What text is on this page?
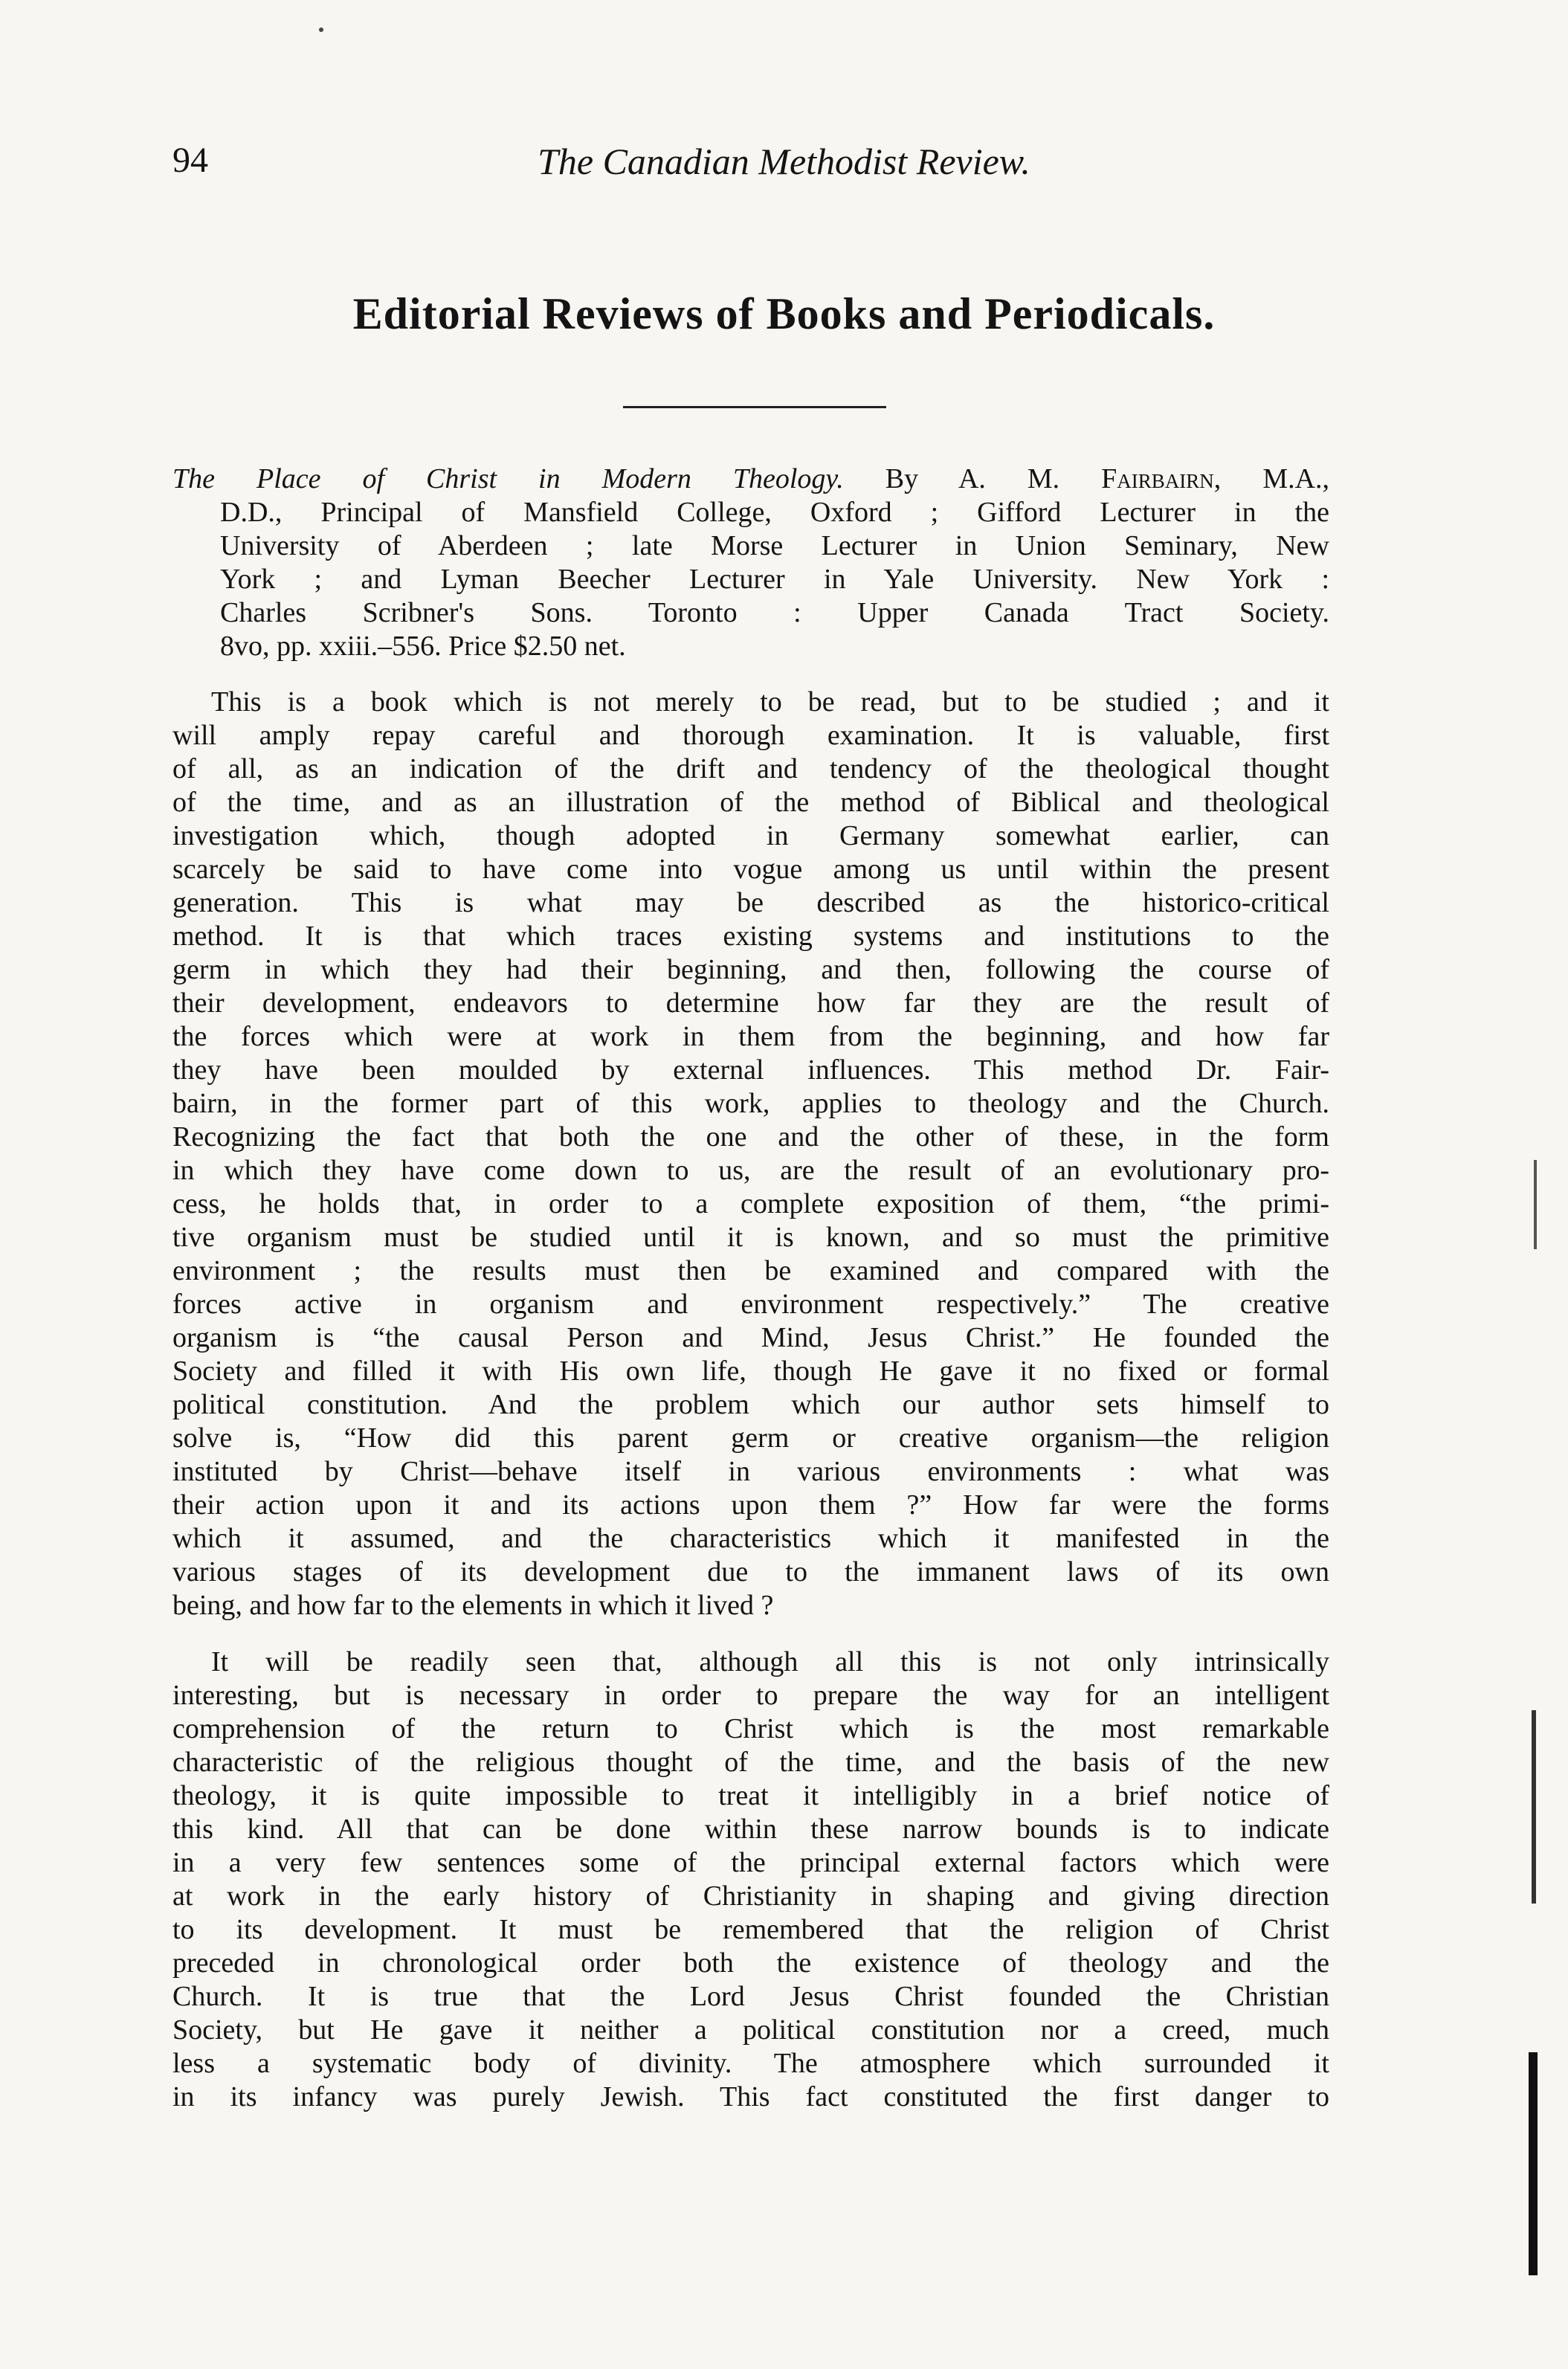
94	The Canadian Methodist Review.
Editorial Reviews of Books and Periodicals.
The Place of Christ in Modern Theology. By A. M. Fairbairn, M.A.,
D.D., Principal of Mansfield College, Oxford ; Gifford Lecturer in the
University of Aberdeen ; late Morse Lecturer in Union Seminary, New
York ; and Lyman Beecher Lecturer in Yale University. New York :
Charles Scribner's Sons. Toronto : Upper Canada Tract Society.
8vo, pp. xxiii.–556. Price $2.50 net.
This is a book which is not merely to be read, but to be studied ; and it
will amply repay careful and thorough examination. It is valuable, first
of all, as an indication of the drift and tendency of the theological thought
of the time, and as an illustration of the method of Biblical and theological
investigation which, though adopted in Germany somewhat earlier, can
scarcely be said to have come into vogue among us until within the present
generation. This is what may be described as the historico-critical
method. It is that which traces existing systems and institutions to the
germ in which they had their beginning, and then, following the course of
their development, endeavors to determine how far they are the result of
the forces which were at work in them from the beginning, and how far
they have been moulded by external influences. This method Dr. Fair-
bairn, in the former part of this work, applies to theology and the Church.
Recognizing the fact that both the one and the other of these, in the form
in which they have come down to us, are the result of an evolutionary pro-
cess, he holds that, in order to a complete exposition of them, “the primi-
tive organism must be studied until it is known, and so must the primitive
environment ; the results must then be examined and compared with the
forces active in organism and environment respectively.” The creative
organism is “the causal Person and Mind, Jesus Christ.” He founded the
Society and filled it with His own life, though He gave it no fixed or formal
political constitution. And the problem which our author sets himself to
solve is, “How did this parent germ or creative organism—the religion
instituted by Christ—behave itself in various environments : what was
their action upon it and its actions upon them ?” How far were the forms
which it assumed, and the characteristics which it manifested in the
various stages of its development due to the immanent laws of its own
being, and how far to the elements in which it lived ?
It will be readily seen that, although all this is not only intrinsically
interesting, but is necessary in order to prepare the way for an intelligent
comprehension of the return to Christ which is the most remarkable
characteristic of the religious thought of the time, and the basis of the new
theology, it is quite impossible to treat it intelligibly in a brief notice of
this kind. All that can be done within these narrow bounds is to indicate
in a very few sentences some of the principal external factors which were
at work in the early history of Christianity in shaping and giving direction
to its development. It must be remembered that the religion of Christ
preceded in chronological order both the existence of theology and the
Church. It is true that the Lord Jesus Christ founded the Christian
Society, but He gave it neither a political constitution nor a creed, much
less a systematic body of divinity. The atmosphere which surrounded it
in its infancy was purely Jewish. This fact constituted the first danger to
